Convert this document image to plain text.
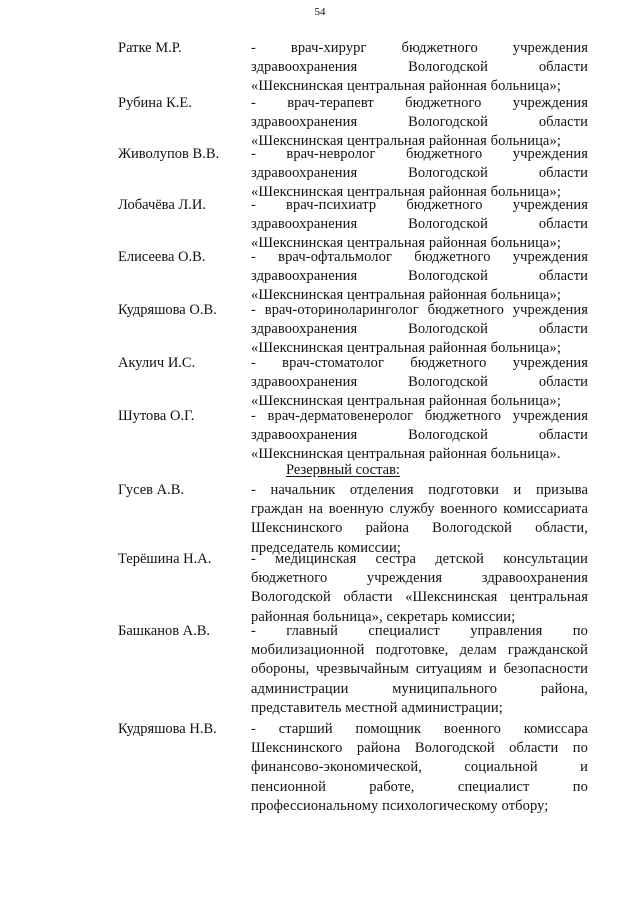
54
Ратке М.Р.	- врач-хирург бюджетного учреждения здравоохранения Вологодской области «Шекснинская центральная районная больница»;
Рубина К.Е.	- врач-терапевт бюджетного учреждения здравоохранения Вологодской области «Шекснинская центральная районная больница»;
Живолупов В.В. - врач-невролог бюджетного учреждения здравоохранения Вологодской области «Шекснинская центральная районная больница»;
Лобачёва Л.И.	- врач-психиатр бюджетного учреждения здравоохранения Вологодской области «Шекснинская центральная районная больница»;
Елисеева О.В.	- врач-офтальмолог бюджетного учреждения здравоохранения Вологодской области «Шекснинская центральная районная больница»;
Кудряшова О.В. - врач-оториноларинголог бюджетного учреждения здравоохранения Вологодской области «Шекснинская центральная районная больница»;
Акулич И.С.	- врач-стоматолог бюджетного учреждения здравоохранения Вологодской области «Шекснинская центральная районная больница»;
Шутова О.Г.	- врач-дерматовенеролог бюджетного учреждения здравоохранения Вологодской области «Шекснинская центральная районная больница».
Резервный состав:
Гусев А.В.	- начальник отделения подготовки и призыва граждан на военную службу военного комиссариата Шекснинского района Вологодской области, председатель комиссии;
Терёшина Н.А.	- медицинская сестра детской консультации бюджетного учреждения здравоохранения Вологодской области «Шекснинская центральная районная больница», секретарь комиссии;
Башканов А.В.	- главный специалист управления по мобилизационной подготовке, делам гражданской обороны, чрезвычайным ситуациям и безопасности администрации муниципального района, представитель местной администрации;
Кудряшова Н.В. - старший помощник военного комиссара Шекснинского района Вологодской области по финансово-экономической, социальной и пенсионной работе, специалист по профессиональному психологическому отбору;
